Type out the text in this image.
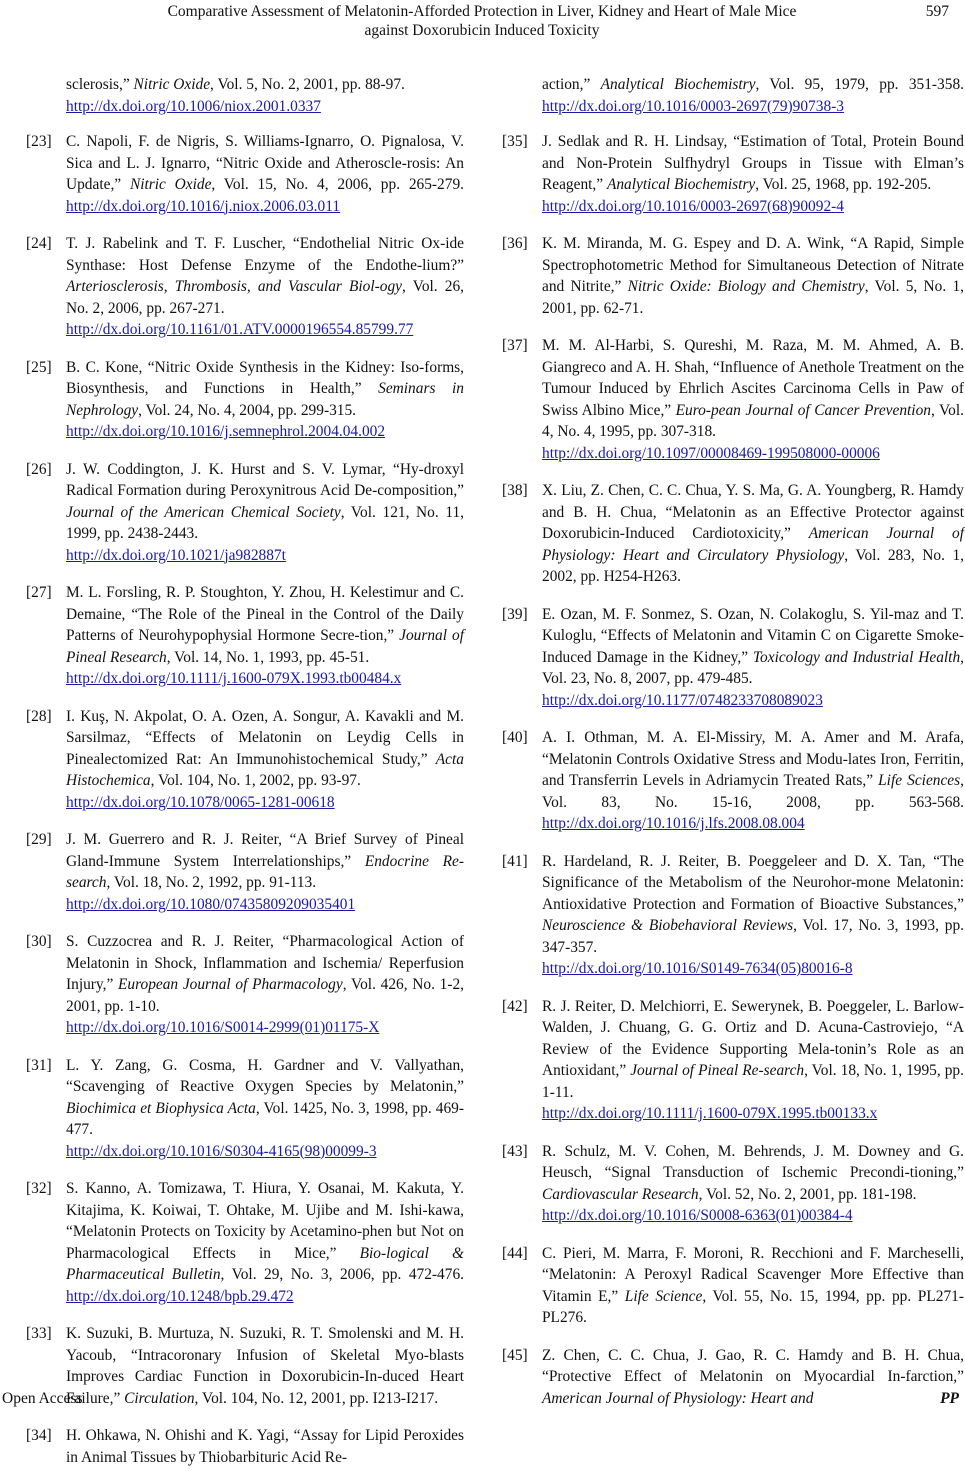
Comparative Assessment of Melatonin-Afforded Protection in Liver, Kidney and Heart of Male Mice
against Doxorubicin Induced Toxicity
597
sclerosis,” Nitric Oxide, Vol. 5, No. 2, 2001, pp. 88-97.
http://dx.doi.org/10.1006/niox.2001.0337
[23] C. Napoli, F. de Nigris, S. Williams-Ignarro, O. Pignalosa, V. Sica and L. J. Ignarro, “Nitric Oxide and Atheroscle-rosis: An Update,” Nitric Oxide, Vol. 15, No. 4, 2006, pp. 265-279. http://dx.doi.org/10.1016/j.niox.2006.03.011
[24] T. J. Rabelink and T. F. Luscher, “Endothelial Nitric Ox-ide Synthase: Host Defense Enzyme of the Endothe-lium?” Arteriosclerosis, Thrombosis, and Vascular Biol-ogy, Vol. 26, No. 2, 2006, pp. 267-271.
http://dx.doi.org/10.1161/01.ATV.0000196554.85799.77
[25] B. C. Kone, “Nitric Oxide Synthesis in the Kidney: Iso-forms, Biosynthesis, and Functions in Health,” Seminars in Nephrology, Vol. 24, No. 4, 2004, pp. 299-315.
http://dx.doi.org/10.1016/j.semnephrol.2004.04.002
[26] J. W. Coddington, J. K. Hurst and S. V. Lymar, “Hy-droxyl Radical Formation during Peroxynitrous Acid De-composition,” Journal of the American Chemical Society, Vol. 121, No. 11, 1999, pp. 2438-2443.
http://dx.doi.org/10.1021/ja982887t
[27] M. L. Forsling, R. P. Stoughton, Y. Zhou, H. Kelestimur and C. Demaine, “The Role of the Pineal in the Control of the Daily Patterns of Neurohypophysial Hormone Secre-tion,” Journal of Pineal Research, Vol. 14, No. 1, 1993, pp. 45-51.
http://dx.doi.org/10.1111/j.1600-079X.1993.tb00484.x
[28] I. Kuş, N. Akpolat, O. A. Ozen, A. Songur, A. Kavakli and M. Sarsilmaz, “Effects of Melatonin on Leydig Cells in Pinealectomized Rat: An Immunohistochemical Study,” Acta Histochemica, Vol. 104, No. 1, 2002, pp. 93-97.
http://dx.doi.org/10.1078/0065-1281-00618
[29] J. M. Guerrero and R. J. Reiter, “A Brief Survey of Pineal Gland-Immune System Interrelationships,” Endocrine Re-search, Vol. 18, No. 2, 1992, pp. 91-113.
http://dx.doi.org/10.1080/07435809209035401
[30] S. Cuzzocrea and R. J. Reiter, “Pharmacological Action of Melatonin in Shock, Inflammation and Ischemia/ Reperfusion Injury,” European Journal of Pharmacology, Vol. 426, No. 1-2, 2001, pp. 1-10.
http://dx.doi.org/10.1016/S0014-2999(01)01175-X
[31] L. Y. Zang, G. Cosma, H. Gardner and V. Vallyathan, “Scavenging of Reactive Oxygen Species by Melatonin,” Biochimica et Biophysica Acta, Vol. 1425, No. 3, 1998, pp. 469-477.
http://dx.doi.org/10.1016/S0304-4165(98)00099-3
[32] S. Kanno, A. Tomizawa, T. Hiura, Y. Osanai, M. Kakuta, Y. Kitajima, K. Koiwai, T. Ohtake, M. Ujibe and M. Ishi-kawa, “Melatonin Protects on Toxicity by Acetamino-phen but Not on Pharmacological Effects in Mice,” Bio-logical & Pharmaceutical Bulletin, Vol. 29, No. 3, 2006, pp. 472-476. http://dx.doi.org/10.1248/bpb.29.472
[33] K. Suzuki, B. Murtuza, N. Suzuki, R. T. Smolenski and M. H. Yacoub, “Intracoronary Infusion of Skeletal Myo-blasts Improves Cardiac Function in Doxorubicin-In-duced Heart Failure,” Circulation, Vol. 104, No. 12, 2001, pp. I213-I217.
[34] H. Ohkawa, N. Ohishi and K. Yagi, “Assay for Lipid Peroxides in Animal Tissues by Thiobarbituric Acid Re-
action,” Analytical Biochemistry, Vol. 95, 1979, pp. 351-358. http://dx.doi.org/10.1016/0003-2697(79)90738-3
[35] J. Sedlak and R. H. Lindsay, “Estimation of Total, Protein Bound and Non-Protein Sulfhydryl Groups in Tissue with Elman’s Reagent,” Analytical Biochemistry, Vol. 25, 1968, pp. 192-205.
http://dx.doi.org/10.1016/0003-2697(68)90092-4
[36] K. M. Miranda, M. G. Espey and D. A. Wink, “A Rapid, Simple Spectrophotometric Method for Simultaneous Detection of Nitrate and Nitrite,” Nitric Oxide: Biology and Chemistry, Vol. 5, No. 1, 2001, pp. 62-71.
[37] M. M. Al-Harbi, S. Qureshi, M. Raza, M. M. Ahmed, A. B. Giangreco and A. H. Shah, “Influence of Anethole Treatment on the Tumour Induced by Ehrlich Ascites Carcinoma Cells in Paw of Swiss Albino Mice,” Euro-pean Journal of Cancer Prevention, Vol. 4, No. 4, 1995, pp. 307-318.
http://dx.doi.org/10.1097/00008469-199508000-00006
[38] X. Liu, Z. Chen, C. C. Chua, Y. S. Ma, G. A. Youngberg, R. Hamdy and B. H. Chua, “Melatonin as an Effective Protector against Doxorubicin-Induced Cardiotoxicity,” American Journal of Physiology: Heart and Circulatory Physiology, Vol. 283, No. 1, 2002, pp. H254-H263.
[39] E. Ozan, M. F. Sonmez, S. Ozan, N. Colakoglu, S. Yil-maz and T. Kuloglu, “Effects of Melatonin and Vitamin C on Cigarette Smoke-Induced Damage in the Kidney,” Toxicology and Industrial Health, Vol. 23, No. 8, 2007, pp. 479-485.
http://dx.doi.org/10.1177/0748233708089023
[40] A. I. Othman, M. A. El-Missiry, M. A. Amer and M. Arafa, “Melatonin Controls Oxidative Stress and Modu-lates Iron, Ferritin, and Transferrin Levels in Adriamycin Treated Rats,” Life Sciences, Vol. 83, No. 15-16, 2008, pp. 563-568. http://dx.doi.org/10.1016/j.lfs.2008.08.004
[41] R. Hardeland, R. J. Reiter, B. Poeggeleer and D. X. Tan, “The Significance of the Metabolism of the Neurohor-mone Melatonin: Antioxidative Protection and Formation of Bioactive Substances,” Neuroscience & Biobehavioral Reviews, Vol. 17, No. 3, 1993, pp. 347-357.
http://dx.doi.org/10.1016/S0149-7634(05)80016-8
[42] R. J. Reiter, D. Melchiorri, E. Sewerynek, B. Poeggeler, L. Barlow-Walden, J. Chuang, G. G. Ortiz and D. Acuna-Castroviejo, “A Review of the Evidence Supporting Mela-tonin’s Role as an Antioxidant,” Journal of Pineal Re-search, Vol. 18, No. 1, 1995, pp. 1-11.
http://dx.doi.org/10.1111/j.1600-079X.1995.tb00133.x
[43] R. Schulz, M. V. Cohen, M. Behrends, J. M. Downey and G. Heusch, “Signal Transduction of Ischemic Precondi-tioning,” Cardiovascular Research, Vol. 52, No. 2, 2001, pp. 181-198.
http://dx.doi.org/10.1016/S0008-6363(01)00384-4
[44] C. Pieri, M. Marra, F. Moroni, R. Recchioni and F. Marcheselli, “Melatonin: A Peroxyl Radical Scavenger More Effective than Vitamin E,” Life Science, Vol. 55, No. 15, 1994, pp. pp. PL271-PL276.
[45] Z. Chen, C. C. Chua, J. Gao, R. C. Hamdy and B. H. Chua, “Protective Effect of Melatonin on Myocardial In-farction,” American Journal of Physiology: Heart and
Open Access	PP
